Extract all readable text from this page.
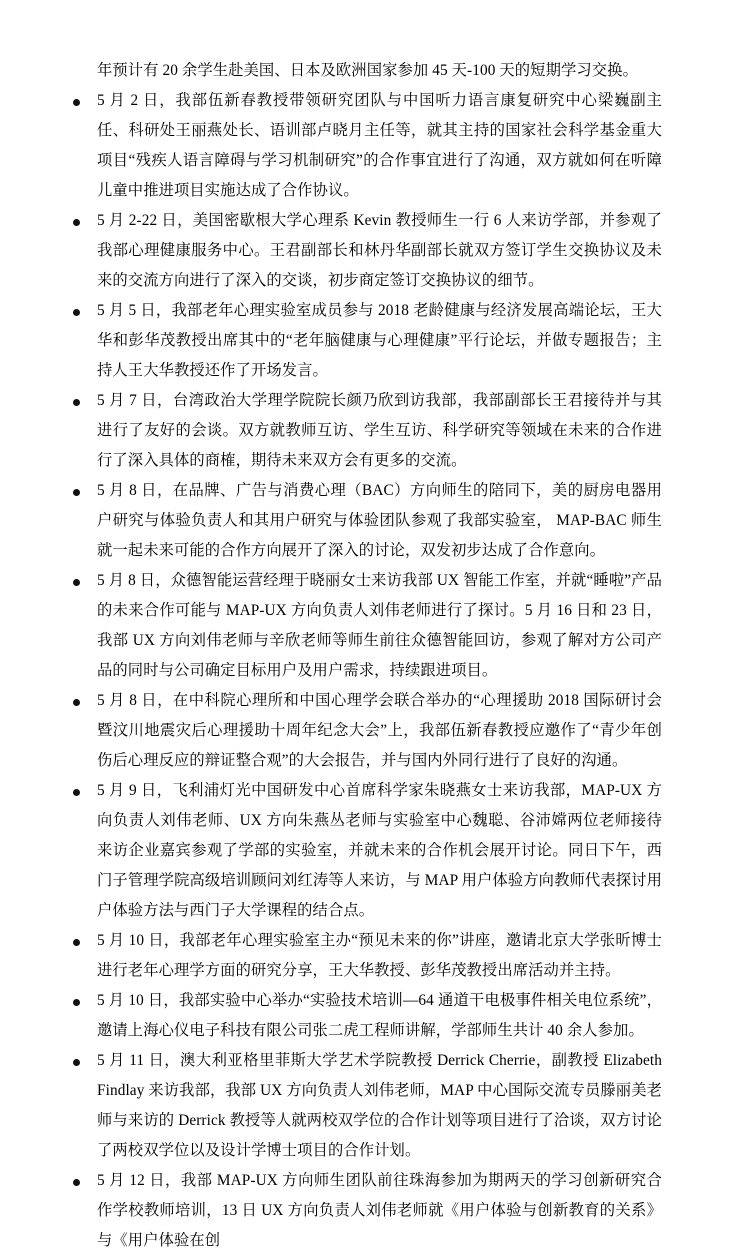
年预计有 20 余学生赴美国、日本及欧洲国家参加 45 天-100 天的短期学习交换。

5 月 2 日，我部伍新春教授带领研究团队与中国听力语言康复研究中心梁巍副主任、科研处王丽燕处长、语训部卢晓月主任等，就其主持的国家社会科学基金重大项目“残疾人语言障碍与学习机制研究”的合作事宜进行了沟通，双方就如何在听障儿童中推进项目实施达成了合作协议。
5 月 2-22 日，美国密歇根大学心理系 Kevin 教授师生一行 6 人来访学部，并参观了我部心理健康服务中心。王君副部长和林丹华副部长就双方签订学生交换协议及未来的交流方向进行了深入的交谈，初步商定签订交换协议的细节。
5 月 5 日，我部老年心理实验室成员参与 2018 老龄健康与经济发展高端论坛，王大华和彭华茂教授出席其中的“老年脑健康与心理健康”平行论坛，并做专题报告；主持人王大华教授还作了开场发言。
5 月 7 日，台湾政治大学理学院院长颜乃欣到访我部，我部副部长王君接待并与其进行了友好的会谈。双方就教师互访、学生互访、科学研究等领域在未来的合作进行了深入具体的商榷，期待未来双方会有更多的交流。
5 月 8 日，在品牌、广告与消费心理（BAC）方向师生的陪同下，美的厨房电器用户研究与体验负责人和其用户研究与体验团队参观了我部实验室， MAP-BAC 师生就一起未来可能的合作方向展开了深入的讨论，双发初步达成了合作意向。
5 月 8 日，众德智能运营经理于晓丽女士来访我部 UX 智能工作室，并就“睡啦”产品的未来合作可能与 MAP-UX 方向负责人刘伟老师进行了探讨。5 月 16 日和 23 日，我部 UX 方向刘伟老师与辛欣老师等师生前往众德智能回访，参观了解对方公司产品的同时与公司确定目标用户及用户需求，持续跟进项目。
5 月 8 日，在中科院心理所和中国心理学会联合举办的“心理援助 2018 国际研讨会暨汶川地震灾后心理援助十周年纪念大会”上，我部伍新春教授应邀作了“青少年创伤后心理反应的辩证整合观”的大会报告，并与国内外同行进行了良好的沟通。
5 月 9 日，飞利浦灯光中国研发中心首席科学家朱晓燕女士来访我部，MAP-UX 方向负责人刘伟老师、UX 方向朱燕丛老师与实验室中心魏聪、谷沛嫦两位老师接待来访企业嘉宾参观了学部的实验室，并就未来的合作机会展开讨论。同日下午，西门子管理学院高级培训顾问刘红涛等人来访，与 MAP 用户体验方向教师代表探讨用户体验方法与西门子大学课程的结合点。
5 月 10 日，我部老年心理实验室主办“预见未来的你”讲座，邀请北京大学张昕博士进行老年心理学方面的研究分享，王大华教授、彭华茂教授出席活动并主持。
5 月 10 日，我部实验中心举办“实验技术培训—64 通道干电极事件相关电位系统”，邀请上海心仪电子科技有限公司张二虎工程师讲解，学部师生共计 40 余人参加。
5 月 11 日，澳大利亚格里菲斯大学艺术学院教授 Derrick Cherrie，副教授 Elizabeth Findlay 来访我部，我部 UX 方向负责人刘伟老师，MAP 中心国际交流专员滕丽美老师与来访的 Derrick 教授等人就两校双学位的合作计划等项目进行了洽谈，双方讨论了两校双学位以及设计学博士项目的合作计划。
5 月 12 日，我部 MAP-UX 方向师生团队前往珠海参加为期两天的学习创新研究合作学校教师培训，13 日 UX 方向负责人刘伟老师就《用户体验与创新教育的关系》与《用户体验在创
